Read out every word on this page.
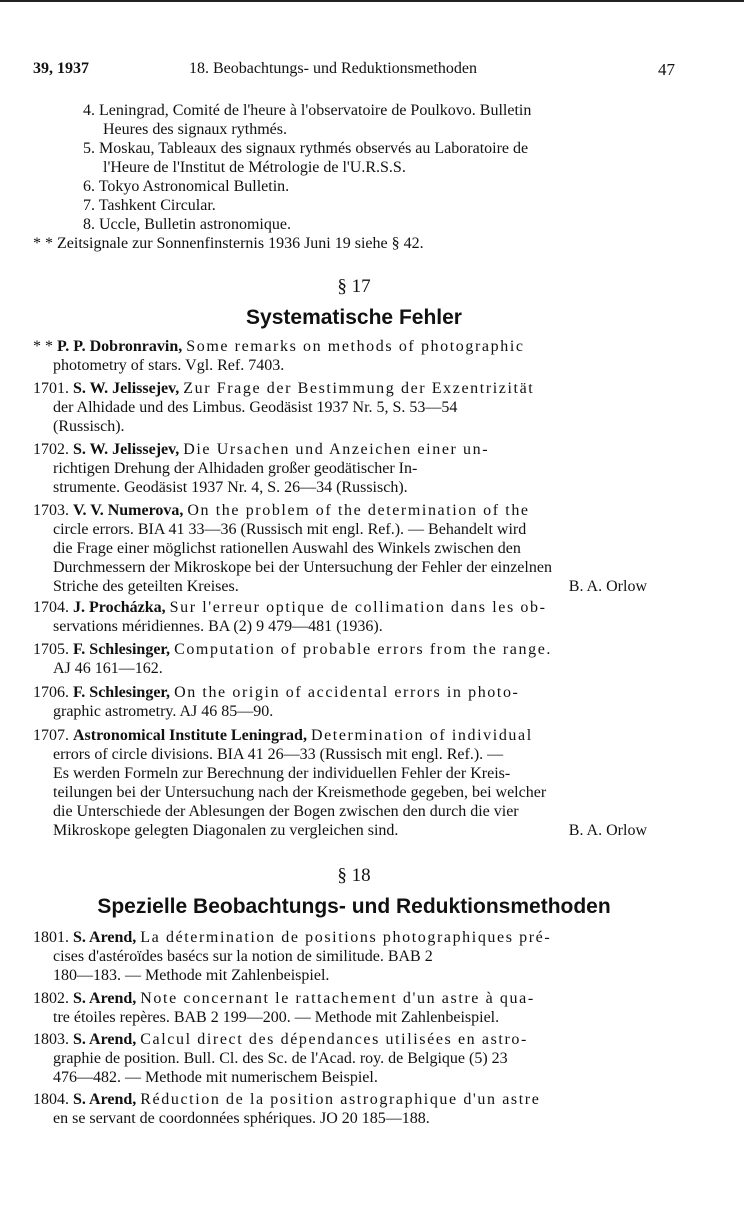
39, 1937	18. Beobachtungs- und Reduktionsmethoden	47
4. Leningrad, Comité de l'heure à l'observatoire de Poulkovo. Bulletin
Heures des signaux rythmés.
5. Moskau, Tableaux des signaux rythmés observés au Laboratoire de
l'Heure de l'Institut de Métrologie de l'U.R.S.S.
6. Tokyo Astronomical Bulletin.
7. Tashkent Circular.
8. Uccle, Bulletin astronomique.
* * Zeitsignale zur Sonnenfinsternis 1936 Juni 19 siehe § 42.
§ 17
Systematische Fehler
* * P. P. Dobronravin, Some remarks on methods of photographic
photometry of stars. Vgl. Ref. 7403.
1701. S. W. Jelissejev, Zur Frage der Bestimmung der Exzentrizität
der Alhidade und des Limbus. Geodäsist 1937 Nr. 5, S. 53—54
(Russisch).
1702. S. W. Jelissejev, Die Ursachen und Anzeichen einer un-
richtigen Drehung der Alhidaden großer geodätischer In-
strumente. Geodäsist 1937 Nr. 4, S. 26—34 (Russisch).
1703. V. V. Numerova, On the problem of the determination of the
circle errors. BIA 41 33—36 (Russisch mit engl. Ref.). — Behandelt wird
die Frage einer möglichst rationellen Auswahl des Winkels zwischen den
Durchmessern der Mikroskope bei der Untersuchung der Fehler der einzelnen
Striche des geteilten Kreises.	B. A. Orlow
1704. J. Procházka, Sur l'erreur optique de collimation dans les ob-
servations méridiennes. BA (2) 9 479—481 (1936).
1705. F. Schlesinger, Computation of probable errors from the range.
AJ 46 161—162.
1706. F. Schlesinger, On the origin of accidental errors in photo-
graphic astrometry. AJ 46 85—90.
1707. Astronomical Institute Leningrad, Determination of individual
errors of circle divisions. BIA 41 26—33 (Russisch mit engl. Ref.). —
Es werden Formeln zur Berechnung der individuellen Fehler der Kreis-
teilungen bei der Untersuchung nach der Kreismethode gegeben, bei welcher
die Unterschiede der Ablesungen der Bogen zwischen den durch die vier
Mikroskope gelegten Diagonalen zu vergleichen sind.	B. A. Orlow
§ 18
Spezielle Beobachtungs- und Reduktionsmethoden
1801. S. Arend, La détermination de positions photographiques pré-
cises d'astéroïdes basécs sur la notion de similitude. BAB 2
180—183. — Methode mit Zahlenbeispiel.
1802. S. Arend, Note concernant le rattachement d'un astre à qua-
tre étoiles repères. BAB 2 199—200. — Methode mit Zahlenbeispiel.
1803. S. Arend, Calcul direct des dépendances utilisées en astro-
graphie de position. Bull. Cl. des Sc. de l'Acad. roy. de Belgique (5) 23
476—482. — Methode mit numerischem Beispiel.
1804. S. Arend, Réduction de la position astrographique d'un astre
en se servant de coordonnées sphériques. JO 20 185—188.
